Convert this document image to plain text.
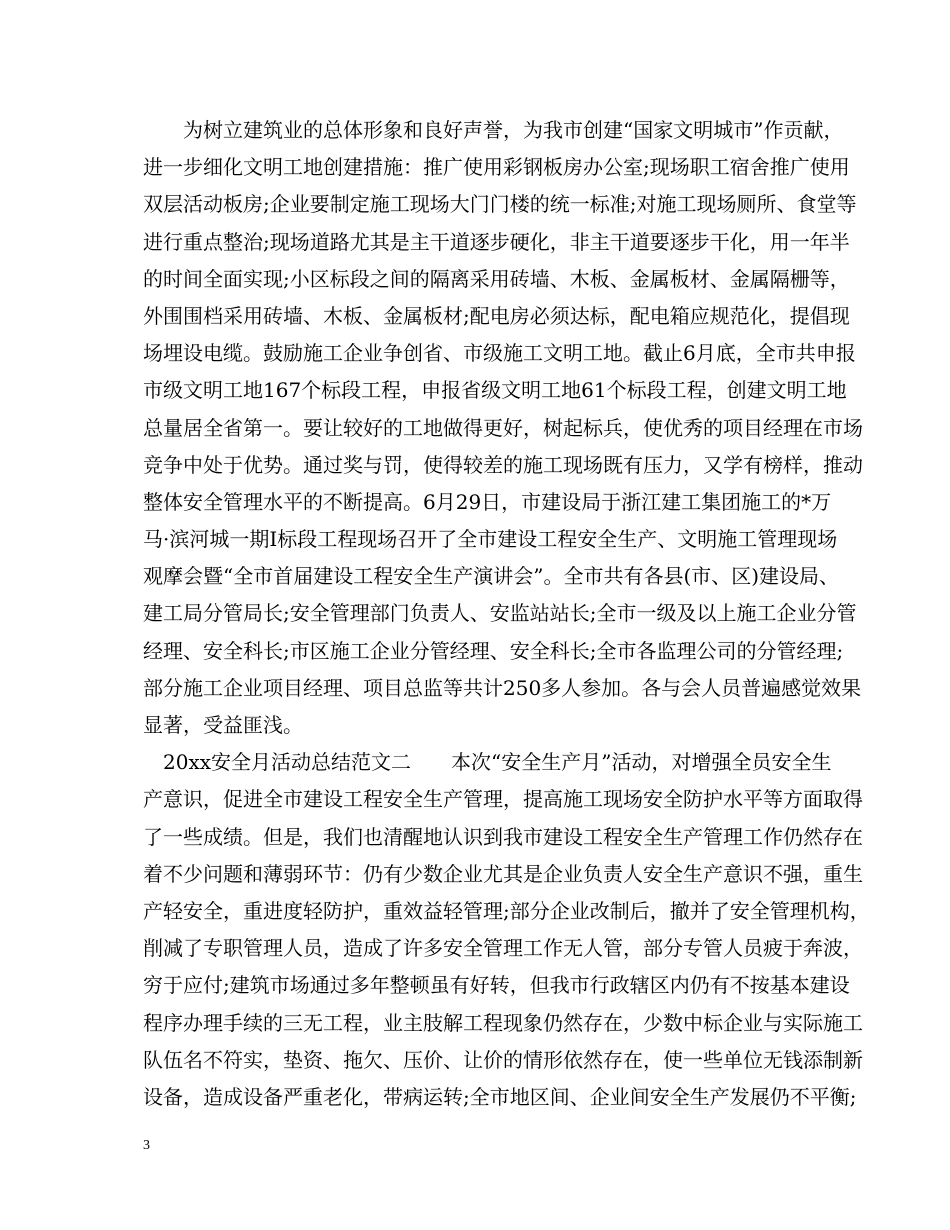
　　为树立建筑业的总体形象和良好声誉，为我市创建“国家文明城市”作贡献，
进一步细化文明工地创建措施：推广使用彩钢板房办公室;现场职工宿舍推广使用
双层活动板房;企业要制定施工现场大门门楼的统一标准;对施工现场厕所、食堂等
进行重点整治;现场道路尤其是主干道逐步硬化，非主干道要逐步干化，用一年半
的时间全面实现;小区标段之间的隔离采用砖墙、木板、金属板材、金属隔栅等，
外围围档采用砖墙、木板、金属板材;配电房必须达标，配电箱应规范化，提倡现
场埋设电缆。鼓励施工企业争创省、市级施工文明工地。截止6月底，全市共申报
市级文明工地167个标段工程，申报省级文明工地61个标段工程，创建文明工地
总量居全省第一。要让较好的工地做得更好，树起标兵，使优秀的项目经理在市场
竞争中处于优势。通过奖与罚，使得较差的施工现场既有压力，又学有榜样，推动
整体安全管理水平的不断提高。6月29日，市建设局于浙江建工集团施工的*万
马·滨河城一期Ⅰ标段工程现场召开了全市建设工程安全生产、文明施工管理现场
观摩会暨“全市首届建设工程安全生产演讲会”。全市共有各县(市、区)建设局、
建工局分管局长;安全管理部门负责人、安监站站长;全市一级及以上施工企业分管
经理、安全科长;市区施工企业分管经理、安全科长;全市各监理公司的分管经理;
部分施工企业项目经理、项目总监等共计250多人参加。各与会人员普遍感觉效果
显著，受益匪浅。
　20xx安全月活动总结范文二　　本次“安全生产月”活动，对增强全员安全生
产意识，促进全市建设工程安全生产管理，提高施工现场安全防护水平等方面取得
了一些成绩。但是，我们也清醒地认识到我市建设工程安全生产管理工作仍然存在
着不少问题和薄弱环节：仍有少数企业尤其是企业负责人安全生产意识不强，重生
产轻安全，重进度轻防护，重效益轻管理;部分企业改制后，撤并了安全管理机构，
削减了专职管理人员，造成了许多安全管理工作无人管，部分专管人员疲于奔波，
穷于应付;建筑市场通过多年整顿虽有好转，但我市行政辖区内仍有不按基本建设
程序办理手续的三无工程，业主肢解工程现象仍然存在，少数中标企业与实际施工
队伍名不符实，垫资、拖欠、压价、让价的情形依然存在，使一些单位无钱添制新
设备，造成设备严重老化，带病运转;全市地区间、企业间安全生产发展仍不平衡;
3
